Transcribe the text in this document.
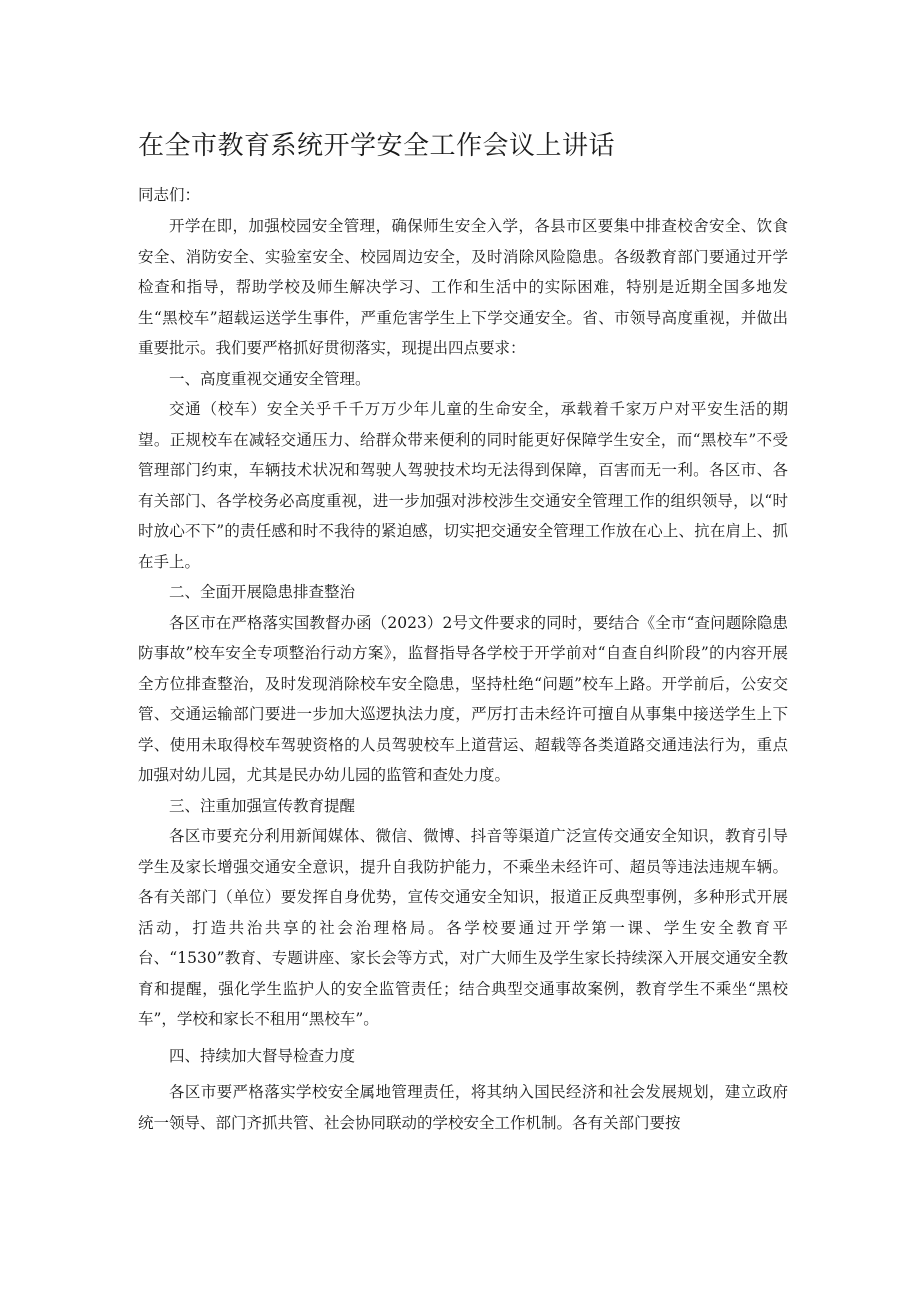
在全市教育系统开学安全工作会议上讲话

同志们：

开学在即，加强校园安全管理，确保师生安全入学，各县市区要集中排查校舍安全、饮食安全、消防安全、实验室安全、校园周边安全，及时消除风险隐患。各级教育部门要通过开学检查和指导，帮助学校及师生解决学习、工作和生活中的实际困难，特别是近期全国多地发生“黑校车”超载运送学生事件，严重危害学生上下学交通安全。省、市领导高度重视，并做出重要批示。我们要严格抓好贯彻落实，现提出四点要求：

一、高度重视交通安全管理。

交通（校车）安全关乎千千万万少年儿童的生命安全，承载着千家万户对平安生活的期望。正规校车在减轻交通压力、给群众带来便利的同时能更好保障学生安全，而“黑校车”不受管理部门约束，车辆技术状况和驾驶人驾驶技术均无法得到保障，百害而无一利。各区市、各有关部门、各学校务必高度重视，进一步加强对涉校涉生交通安全管理工作的组织领导，以“时时放心不下”的责任感和时不我待的紧迫感，切实把交通安全管理工作放在心上、抗在肩上、抓在手上。

二、全面开展隐患排查整治

各区市在严格落实国教督办函（2023）2号文件要求的同时，要结合《全市“查问题除隐患防事故”校车安全专项整治行动方案》，监督指导各学校于开学前对“自查自纠阶段”的内容开展全方位排查整治，及时发现消除校车安全隐患，坚持杜绝“问题”校车上路。开学前后，公安交管、交通运输部门要进一步加大巡逻执法力度，严厉打击未经许可擅自从事集中接送学生上下学、使用未取得校车驾驶资格的人员驾驶校车上道营运、超载等各类道路交通违法行为，重点加强对幼儿园，尤其是民办幼儿园的监管和查处力度。

三、注重加强宣传教育提醒

各区市要充分利用新闻媒体、微信、微博、抖音等渠道广泛宣传交通安全知识，教育引导学生及家长增强交通安全意识，提升自我防护能力，不乘坐未经许可、超员等违法违规车辆。各有关部门（单位）要发挥自身优势，宣传交通安全知识，报道正反典型事例，多种形式开展活动，打造共治共享的社会治理格局。各学校要通过开学第一课、学生安全教育平台、“1530”教育、专题讲座、家长会等方式，对广大师生及学生家长持续深入开展交通安全教育和提醒，强化学生监护人的安全监管责任；结合典型交通事故案例，教育学生不乘坐“黑校车”，学校和家长不租用“黑校车”。

四、持续加大督导检查力度

各区市要严格落实学校安全属地管理责任，将其纳入国民经济和社会发展规划，建立政府统一领导、部门齐抓共管、社会协同联动的学校安全工作机制。各有关部门要按
